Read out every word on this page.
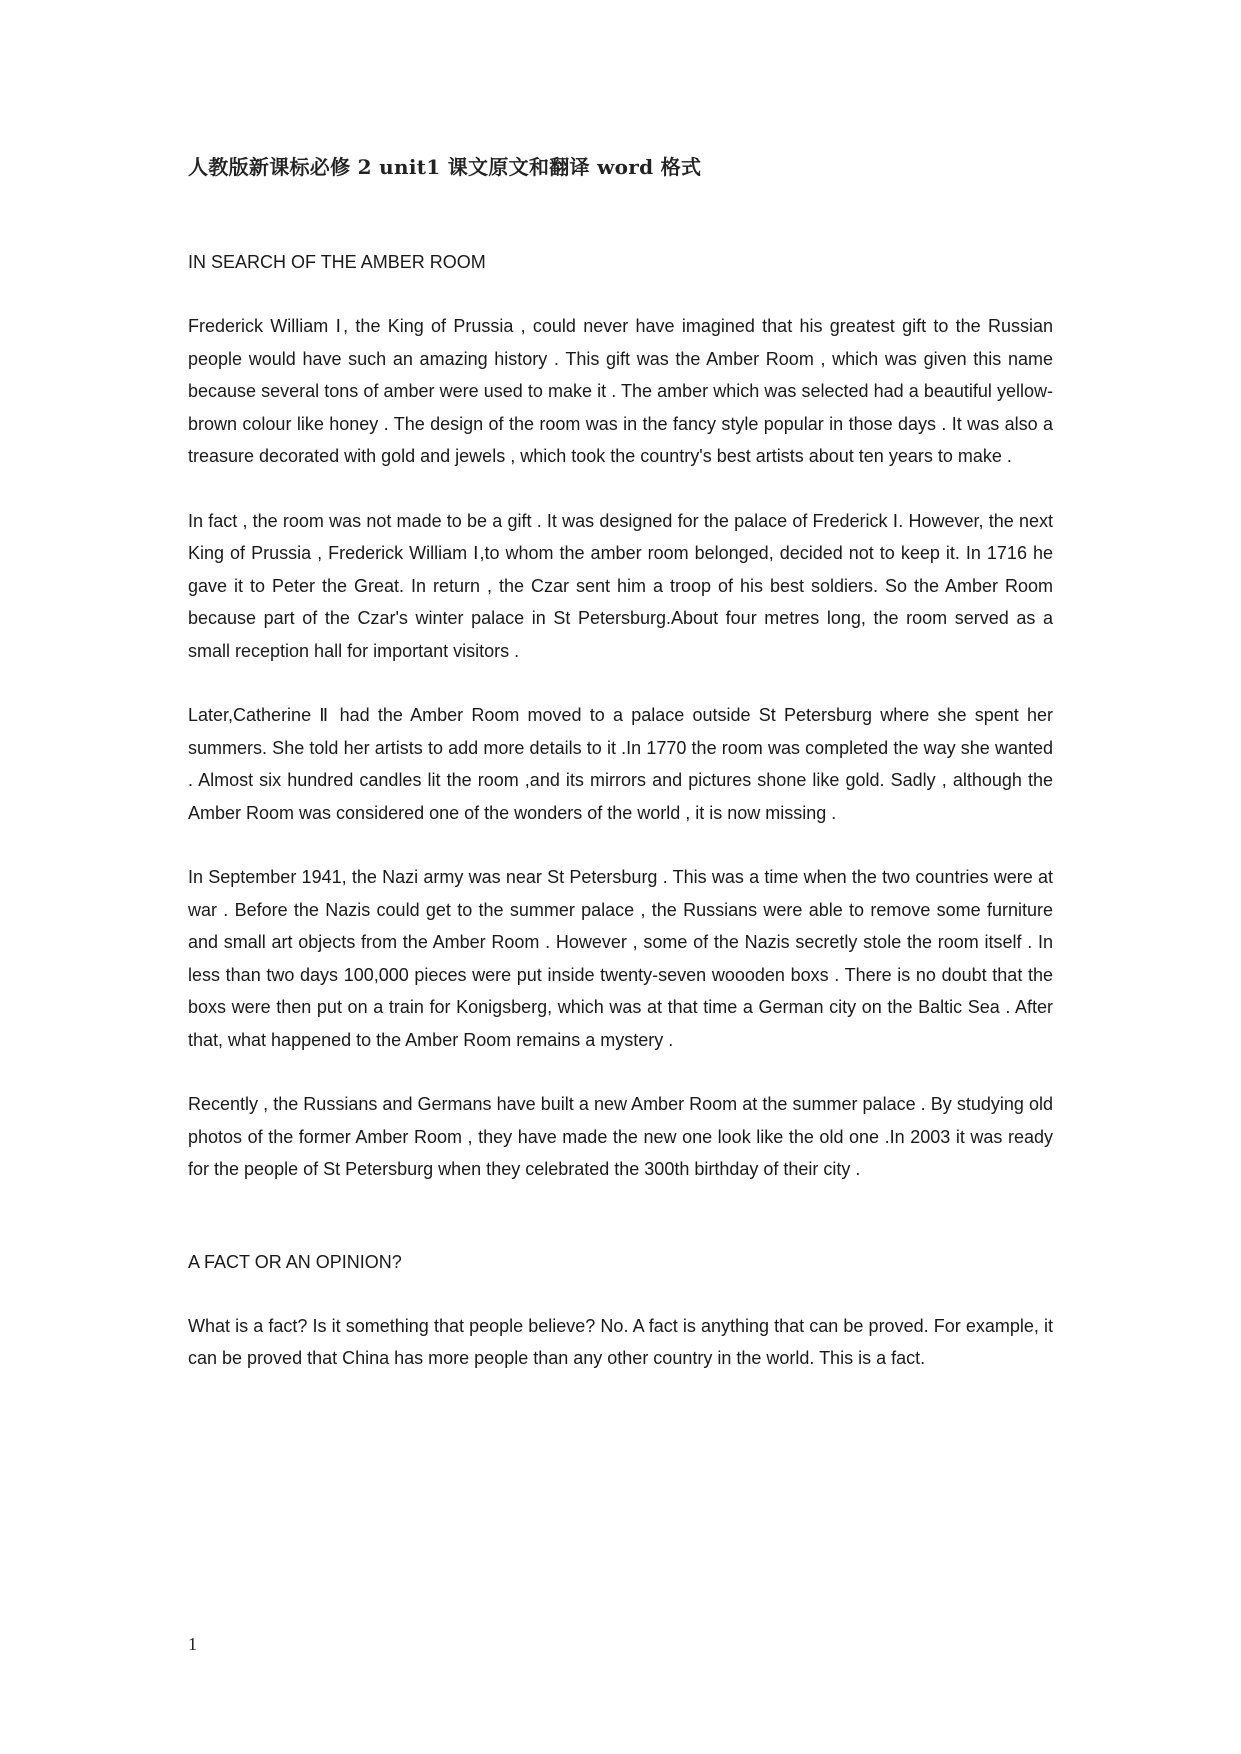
人教版新课标必修 2 unit1 课文原文和翻译 word 格式
IN SEARCH OF THE AMBER ROOM

Frederick William Ⅰ, the King of Prussia , could never have imagined that his greatest gift to the Russian people would have such an amazing history . This gift was the Amber Room , which was given this name because several tons of amber were used to make it . The amber which was selected had a beautiful yellow-brown colour like honey . The design of the room was in the fancy style popular in those days . It was also a treasure decorated with gold and jewels , which took the country's best artists about ten years to make .

In fact , the room was not made to be a gift . It was designed for the palace of Frederick Ⅰ. However, the next King of Prussia , Frederick William Ⅰ,to whom the amber room belonged, decided not to keep it. In 1716 he gave it to Peter the Great. In return , the Czar sent him a troop of his best soldiers. So the Amber Room because part of the Czar's winter palace in St Petersburg.About four metres long, the room served as a small reception hall for important visitors .

Later,Catherine Ⅱ had the Amber Room moved to a palace outside St Petersburg where she spent her summers. She told her artists to add more details to it .In 1770 the room was completed the way she wanted . Almost six hundred candles lit the room ,and its mirrors and pictures shone like gold. Sadly , although the Amber Room was considered one of the wonders of the world , it is now missing .

In September 1941, the Nazi army was near St Petersburg . This was a time when the two countries were at war . Before the Nazis could get to the summer palace , the Russians were able to remove some furniture and small art objects from the Amber Room . However , some of the Nazis secretly stole the room itself . In less than two days 100,000 pieces were put inside twenty-seven woooden boxs . There is no doubt that the boxs were then put on a train for Konigsberg, which was at that time a German city on the Baltic Sea . After that, what happened to the Amber Room remains a mystery .

Recently , the Russians and Germans have built a new Amber Room at the summer palace . By studying old photos of the former Amber Room , they have made the new one look like the old one .In 2003 it was ready for the people of St Petersburg when they celebrated the 300th birthday of their city .

A FACT OR AN OPINION?

What is a fact? Is it something that people believe? No. A fact is anything that can be proved. For example, it can be proved that China has more people than any other country in the world. This is a fact.

1
